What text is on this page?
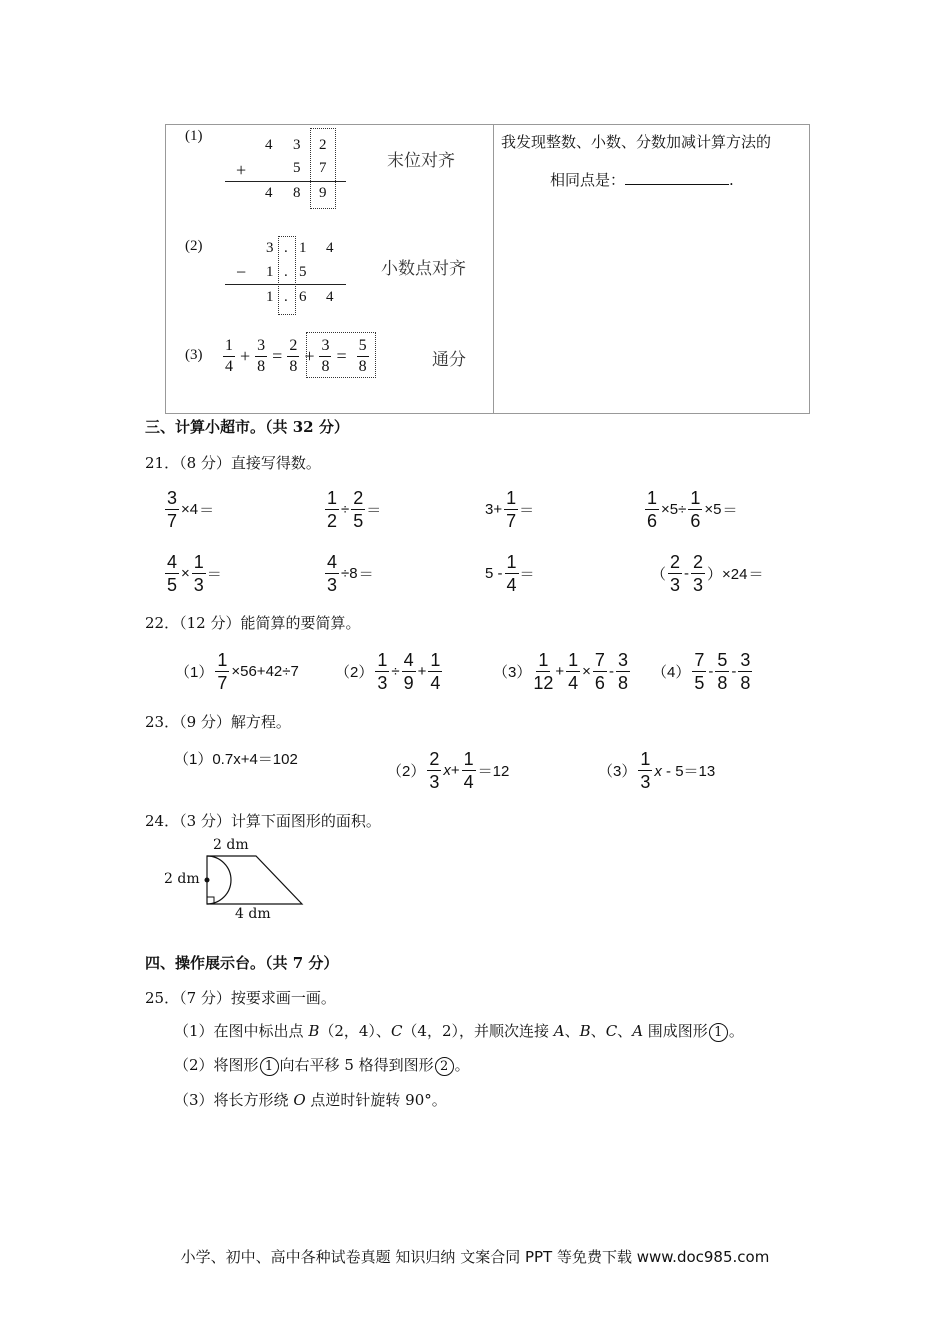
(1)
4 3 2
+	5 7
4 8 9
末位对齐
(2)	3 . 1 4
− 1 . 5
1 . 6 4
小数点对齐
$(3) \frac{1}{4} + \frac{3}{8} = \frac{2}{8} + \frac{3}{8} = \frac{5}{8}$	通分
我发现整数、小数、分数加减计算方法的
相同点是：	.
三、计算小超市。（共 32 分）
21．（8 分）直接写得数。
$\frac{3}{7} \times 4$ ＝	$\frac{1}{2} \div \frac{2}{5}$ ＝	$3+ \frac{1}{7}$ ＝	$\frac{1}{6} \times 5\div \frac{1}{6} \times 5$ ＝
$\frac{4}{5} \times \frac{1}{3}$ ＝	$\frac{4}{3} \div 8$ ＝	$5 - \frac{1}{4}$ ＝	（ $\frac{2}{3} - \frac{2}{3} )\times 24$ ＝
22．（12 分）能简算的要简算。
$(1) \frac{1}{7} \times 56+42\div 7$ $(2) \frac{1}{3} \div \frac{4}{9} + \frac{1}{4}$	$(3) \frac{1}{12} + \frac{1}{4} \times \frac{7}{6} - \frac{3}{8} (4) \frac{7}{5} - \frac{5}{8} - \frac{3}{8}$
23．（9 分）解方程。
（1）0.7x+4＝102
$(2) \frac{2}{3} x+ \frac{1}{4} =12$	$(3) \frac{1}{3}$ x - 5＝13
24．（3 分）计算下面图形的面积。
2 dm
2 dm
4 dm
四、操作展示台。（共 7 分）
25．（7 分）按要求画一画。
（1）在图中标出点 B（2，4）、C（4，2），并顺次连接 A、B、C、A 围成图形 1 。
（2）将图形 1 向右平移 5 格得到图形 2 。
（3）将长方形绕 O 点逆时针旋转 90°。
小学、初中、高中各种试卷真题 知识归纳 文案合同 PPT 等免费下载 www.doc985.com
